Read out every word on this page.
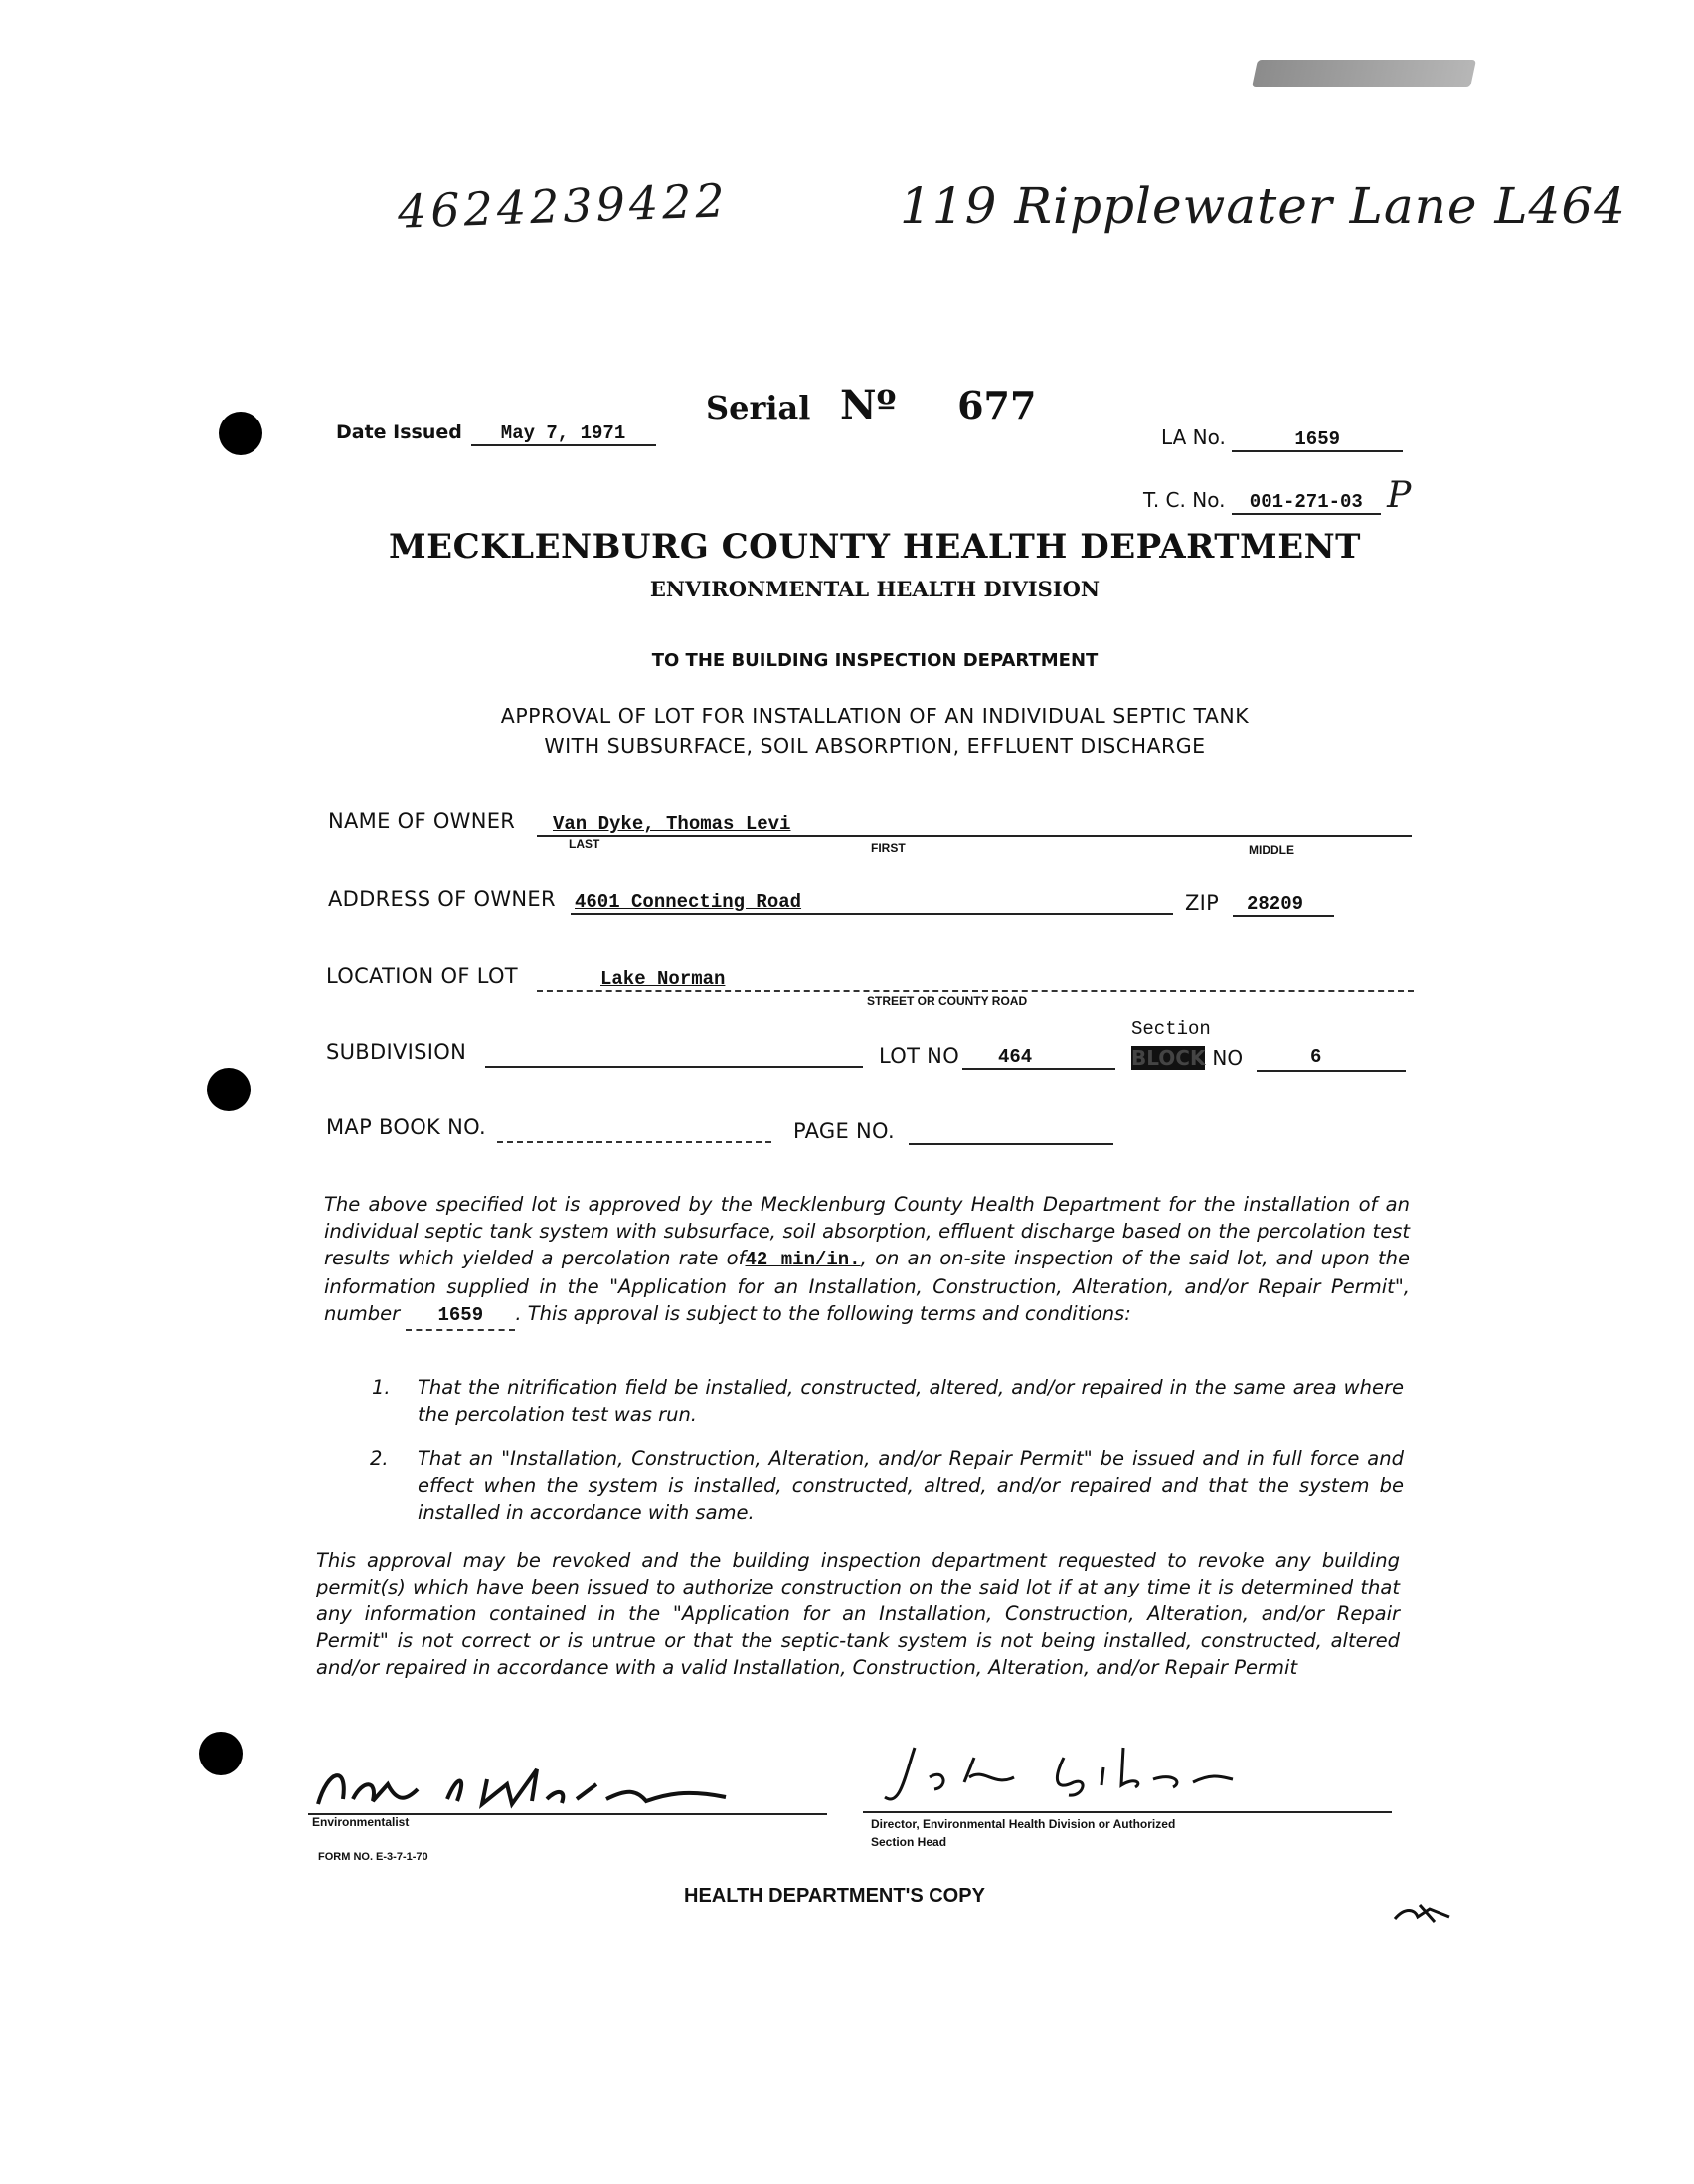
4624239422	119 Ripplewater Lane L464
Serial Nº 677
Date Issued May 7, 1971	LA No.	1659
T. C. No. 001-271-03 P
MECKLENBURG COUNTY HEALTH DEPARTMENT
ENVIRONMENTAL HEALTH DIVISION
TO THE BUILDING INSPECTION DEPARTMENT
APPROVAL OF LOT FOR INSTALLATION OF AN INDIVIDUAL SEPTIC TANK
WITH SUBSURFACE, SOIL ABSORPTION, EFFLUENT DISCHARGE
NAME OF OWNER Van Dyke, Thomas Levi
LAST	FIRST	MIDDLE
ADDRESS OF OWNER 4601 Connecting Road	ZIP 28209
LOCATION OF LOT	Lake Norman
STREET OR COUNTY ROAD
SUBDIVISION	LOT NO 464
Section
BLOCK NO	6
MAP BOOK NO.	PAGE NO.
The above specified lot is approved by the Mecklenburg County Health Department for the installation of an individual septic tank system with subsurface, soil absorption, effluent discharge based on the percolation test results which yielded a percolation rate of42 min/in., on an on-site inspection of the said lot, and upon the information supplied in the "Application for an Installation, Construction, Alteration, and/or Repair Permit", number 1659 . This approval is subject to the following terms and conditions:
1. That the nitrification field be installed, constructed, altered, and/or repaired in the same area where the percolation test was run.
2. That an "Installation, Construction, Alteration, and/or Repair Permit" be issued and in full force and effect when the system is installed, constructed, altred, and/or repaired and that the system be installed in accordance with same.
This approval may be revoked and the building inspection department requested to revoke any building permit(s) which have been issued to authorize construction on the said lot if at any time it is determined that any information contained in the "Application for an Installation, Construction, Alteration, and/or Repair Permit" is not correct or is untrue or that the septic-tank system is not being installed, constructed, altered and/or repaired in accordance with a valid Installation, Construction, Alteration, and/or Repair Permit
Environmentalist	Director, Environmental Health Division or Authorized
Section Head
FORM NO. E-3-7-1-70
HEALTH DEPARTMENT'S COPY
